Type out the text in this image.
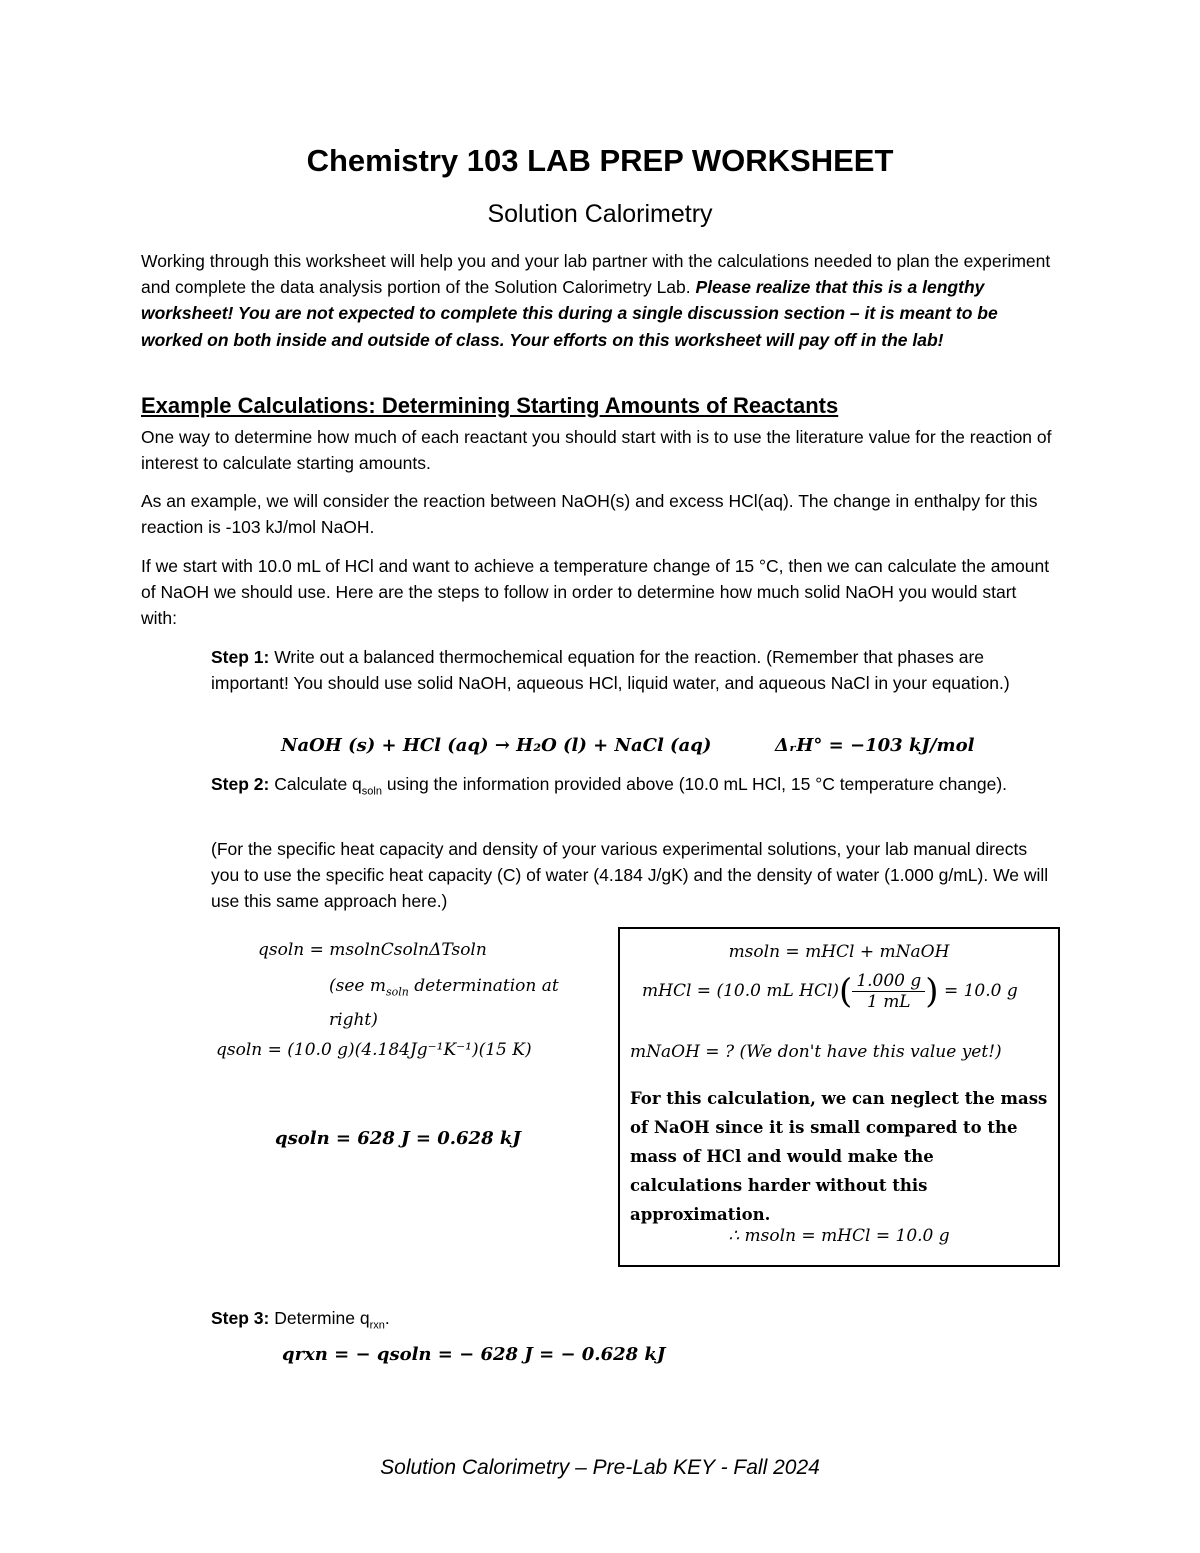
Chemistry 103 LAB PREP WORKSHEET
Solution Calorimetry
Working through this worksheet will help you and your lab partner with the calculations needed to plan the experiment and complete the data analysis portion of the Solution Calorimetry Lab. Please realize that this is a lengthy worksheet! You are not expected to complete this during a single discussion section – it is meant to be worked on both inside and outside of class. Your efforts on this worksheet will pay off in the lab!
Example Calculations: Determining Starting Amounts of Reactants
One way to determine how much of each reactant you should start with is to use the literature value for the reaction of interest to calculate starting amounts.
As an example, we will consider the reaction between NaOH(s) and excess HCl(aq). The change in enthalpy for this reaction is -103 kJ/mol NaOH.
If we start with 10.0 mL of HCl and want to achieve a temperature change of 15 °C, then we can calculate the amount of NaOH we should use. Here are the steps to follow in order to determine how much solid NaOH you would start with:
Step 1: Write out a balanced thermochemical equation for the reaction. (Remember that phases are important! You should use solid NaOH, aqueous HCl, liquid water, and aqueous NaCl in your equation.)
NaOH (s) + HCl (aq) → H₂O (l) + NaCl (aq)	ΔᵣH° = −103 kJ/mol
Step 2: Calculate $q_{soln}$ using the information provided above (10.0 mL HCl, 15 °C temperature change).
(For the specific heat capacity and density of your various experimental solutions, your lab manual directs you to use the specific heat capacity (C) of water (4.184 J/gK) and the density of water (1.000 g/mL). We will use this same approach here.)
qsoln = msolnCsolnΔTsoln
(see $m_{soln}$ determination at right)
qsoln = (10.0 g)(4.184Jg⁻¹K⁻¹)(15 K)
qsoln = 628 J = 0.628 kJ
msoln = mHCl + mNaOH
mHCl = (10.0 mL $HCl)( \frac{1.000 g}{1 mL}$ ) = 10.0 g
mNaOH = ? (We don't have this value yet!)
For this calculation, we can neglect the mass of NaOH since it is small compared to the mass of HCl and would make the calculations harder without this approximation.
∴ msoln = mHCl = 10.0 g
Step 3: Determine $q_{rxn}$.
qrxn = − qsoln = − 628 J = − 0.628 kJ
Solution Calorimetry – Pre-Lab KEY - Fall 2024
